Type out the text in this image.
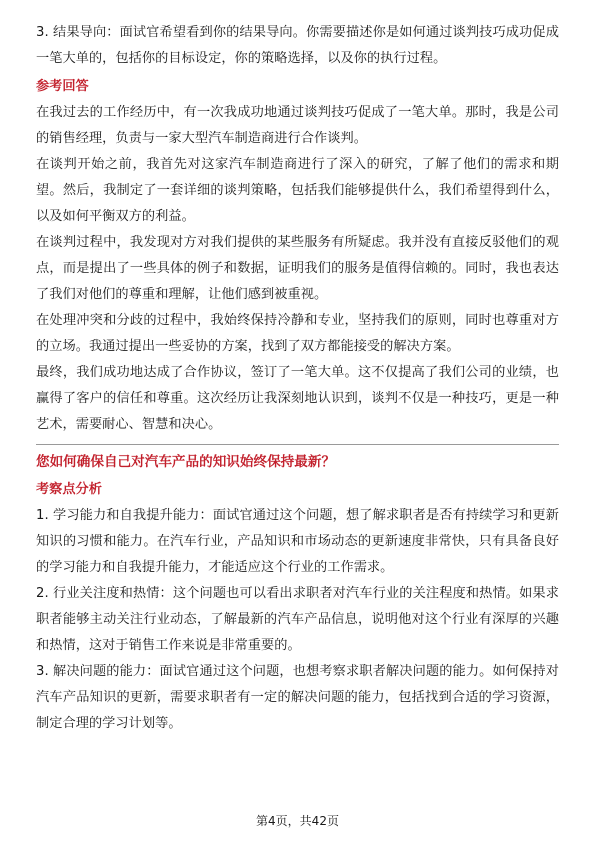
3. 结果导向：面试官希望看到你的结果导向。你需要描述你是如何通过谈判技巧成功促成一笔大单的，包括你的目标设定，你的策略选择，以及你的执行过程。

参考回答

在我过去的工作经历中，有一次我成功地通过谈判技巧促成了一笔大单。那时，我是公司的销售经理，负责与一家大型汽车制造商进行合作谈判。

在谈判开始之前，我首先对这家汽车制造商进行了深入的研究，了解了他们的需求和期望。然后，我制定了一套详细的谈判策略，包括我们能够提供什么，我们希望得到什么，以及如何平衡双方的利益。

在谈判过程中，我发现对方对我们提供的某些服务有所疑虑。我并没有直接反驳他们的观点，而是提出了一些具体的例子和数据，证明我们的服务是值得信赖的。同时，我也表达了我们对他们的尊重和理解，让他们感到被重视。

在处理冲突和分歧的过程中，我始终保持冷静和专业，坚持我们的原则，同时也尊重对方的立场。我通过提出一些妥协的方案，找到了双方都能接受的解决方案。

最终，我们成功地达成了合作协议，签订了一笔大单。这不仅提高了我们公司的业绩，也赢得了客户的信任和尊重。这次经历让我深刻地认识到，谈判不仅是一种技巧，更是一种艺术，需要耐心、智慧和决心。

您如何确保自己对汽车产品的知识始终保持最新？

考察点分析

1. 学习能力和自我提升能力：面试官通过这个问题，想了解求职者是否有持续学习和更新知识的习惯和能力。在汽车行业，产品知识和市场动态的更新速度非常快，只有具备良好的学习能力和自我提升能力，才能适应这个行业的工作需求。

2. 行业关注度和热情：这个问题也可以看出求职者对汽车行业的关注程度和热情。如果求职者能够主动关注行业动态，了解最新的汽车产品信息，说明他对这个行业有深厚的兴趣和热情，这对于销售工作来说是非常重要的。

3. 解决问题的能力：面试官通过这个问题，也想考察求职者解决问题的能力。如何保持对汽车产品知识的更新，需要求职者有一定的解决问题的能力，包括找到合适的学习资源，制定合理的学习计划等。

第4页，共42页
